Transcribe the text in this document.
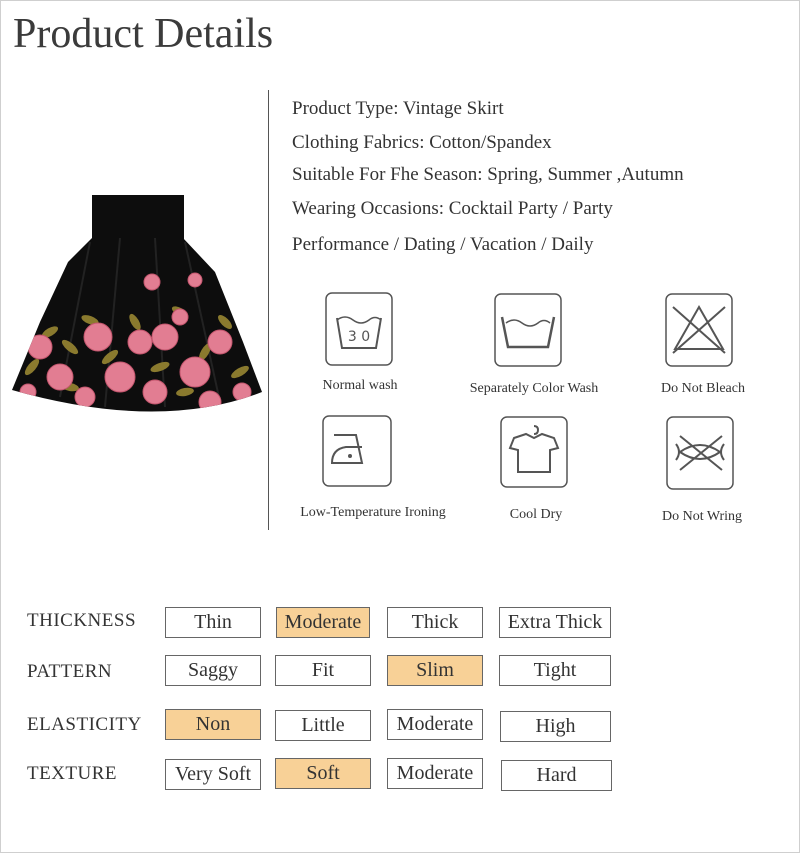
Product Details
Product Type: Vintage Skirt
Clothing Fabrics: Cotton/Spandex
Suitable For Fhe Season: Spring, Summer ,Autumn
Wearing Occasions: Cocktail Party / Party
Performance / Dating / Vacation / Daily
3 0
Normal wash	Separately Color Wash	Do Not Bleach
Low-Temperature Ironing	Cool Dry	Do Not Wring
THICKNESS	Thin	Moderate	Thick	Extra Thick
PATTERN	Saggy	Fit	Slim	Tight
ELASTICITY	Non	Little	Moderate	High
TEXTURE	Very Soft	Soft	Moderate	Hard
